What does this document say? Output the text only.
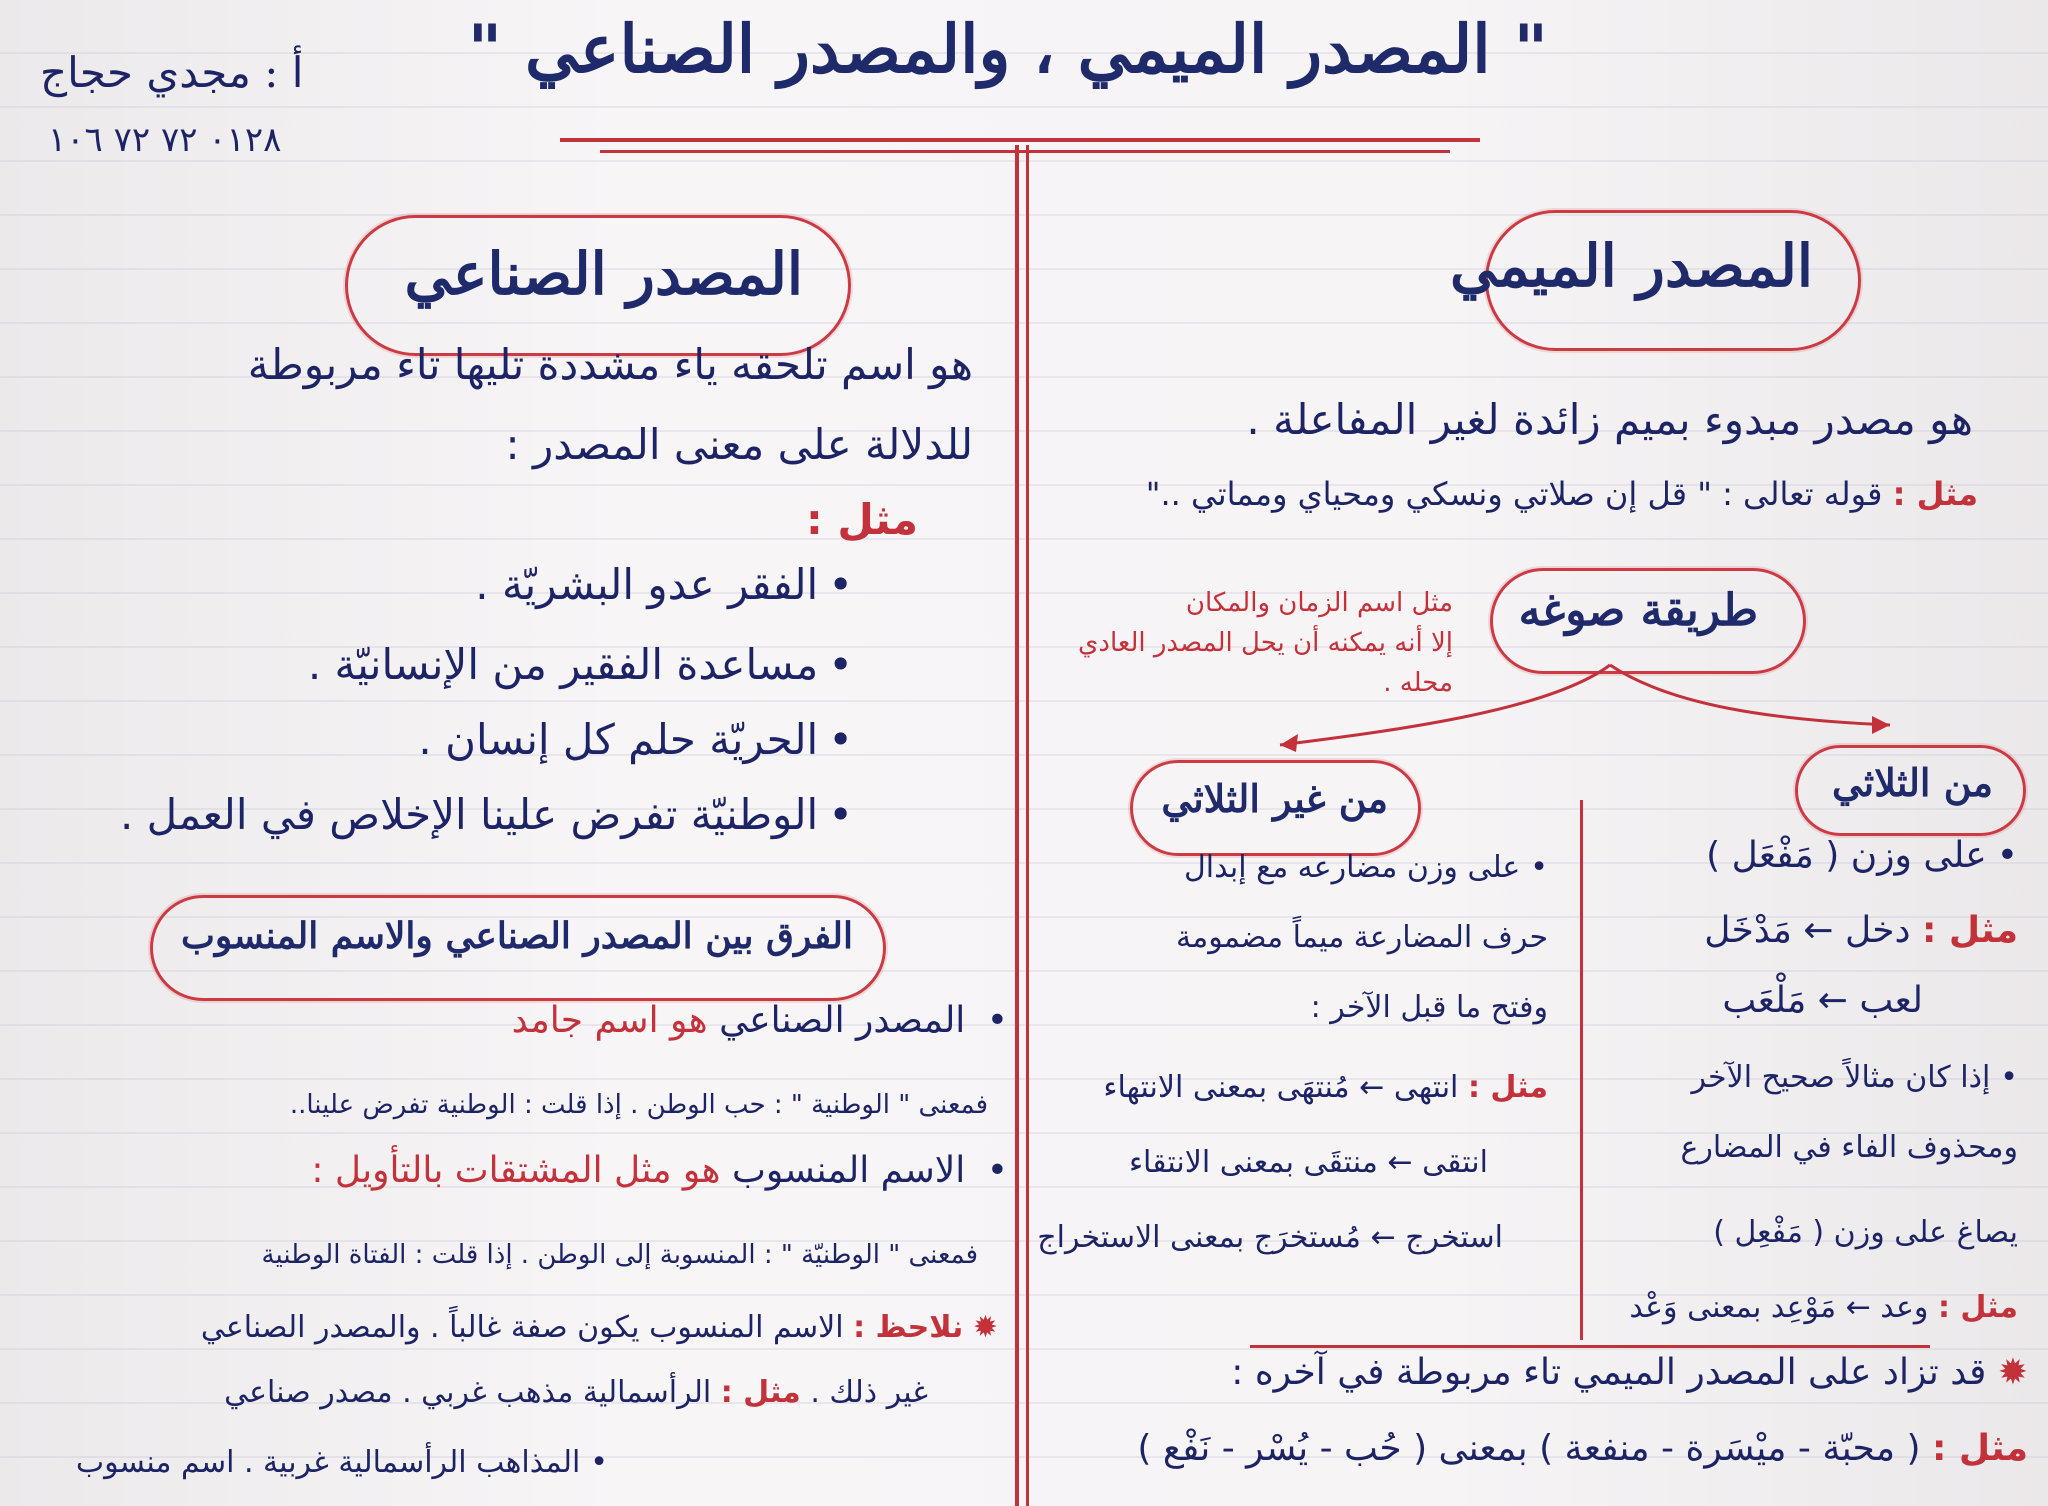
" المصدر الميمي ، والمصدر الصناعي "
أ : مجدي حجاج
٠١٢٨ ٧٢ ٧٢ ١٠٦
المصدر الميمي
هو مصدر مبدوء بميم زائدة لغير المفاعلة .
مثل : قوله تعالى : " قل إن صلاتي ونسكي ومحياي ومماتي .."
طريقة صوغه
مثل اسم الزمان والمكان
إلا أنه يمكنه أن يحل المصدر العادي
محله .
من الثلاثي
من غير الثلاثي
• على وزن ( مَفْعَل )
مثل : دخل ← مَدْخَل
لعب ← مَلْعَب
• إذا كان مثالاً صحيح الآخر
ومحذوف الفاء في المضارع
يصاغ على وزن ( مَفْعِل )
مثل : وعد ← مَوْعِد بمعنى وَعْد
• على وزن مضارعه مع إبدال
حرف المضارعة ميماً مضمومة
وفتح ما قبل الآخر :
مثل : انتهى ← مُنتهَى بمعنى الانتهاء
انتقى ← منتقَى بمعنى الانتقاء
استخرج ← مُستخرَج بمعنى الاستخراج
✹ قد تزاد على المصدر الميمي تاء مربوطة في آخره :
مثل : ( محبّة - ميْسَرة - منفعة ) بمعنى ( حُب - يُسْر - نَفْع )
المصدر الصناعي
هو اسم تلحقه ياء مشددة تليها تاء مربوطة
للدلالة على معنى المصدر :
مثل :
• الفقر عدو البشريّة .
• مساعدة الفقير من الإنسانيّة .
• الحريّة حلم كل إنسان .
• الوطنيّة تفرض علينا الإخلاص في العمل .
الفرق بين المصدر الصناعي والاسم المنسوب
• المصدر الصناعي هو اسم جامد
فمعنى " الوطنية " : حب الوطن . إذا قلت : الوطنية تفرض علينا..
• الاسم المنسوب هو مثل المشتقات بالتأويل :
فمعنى " الوطنيّة " : المنسوبة إلى الوطن . إذا قلت : الفتاة الوطنية
✹ نلاحظ : الاسم المنسوب يكون صفة غالباً . والمصدر الصناعي
غير ذلك . مثل : الرأسمالية مذهب غربي . مصدر صناعي
• المذاهب الرأسمالية غربية . اسم منسوب
